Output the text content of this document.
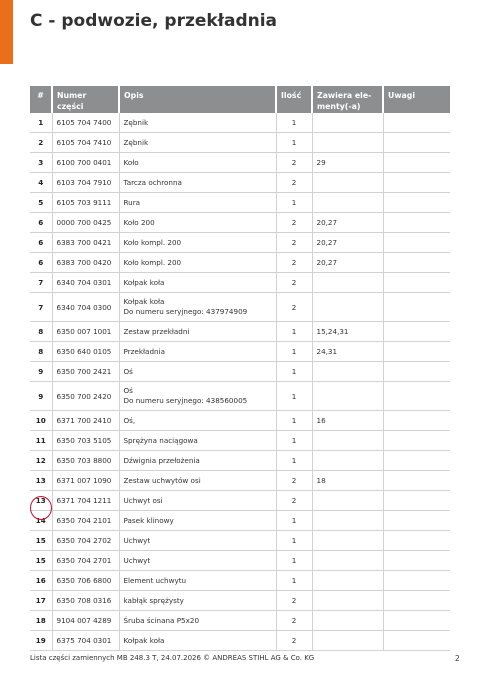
C - podwozie, przekładnia
#	Numer części	Opis	Ilość	Zawiera ele- menty(-a)	Uwagi
1	6105 704 7400	Zębnik	1		
2	6105 704 7410	Zębnik	1		
3	6100 700 0401	Koło	2	29	
4	6103 704 7910	Tarcza ochronna	2		
5	6105 703 9111	Rura	1		
6	0000 700 0425	Koło 200	2	20,27	
6	6383 700 0421	Koło kompl. 200	2	20,27	
6	6383 700 0420	Koło kompl. 200	2	20,27	
7	6340 704 0301	Kołpak koła	2		
7	6340 704 0300	Kołpak koła
Do numeru seryjnego: 437974909	2		
8	6350 007 1001	Zestaw przekładni	1	15,24,31	
8	6350 640 0105	Przekładnia	1	24,31	
9	6350 700 2421	Oś	1		
9	6350 700 2420	Oś
Do numeru seryjnego: 438560005	1		
10	6371 700 2410	Oś,	1	16	
11	6350 703 5105	Sprężyna naciągowa	1		
12	6350 703 8800	Dźwignia przełożenia	1		
13	6371 007 1090	Zestaw uchwytów osi	2	18	
13	6371 704 1211	Uchwyt osi	2		
14	6350 704 2101	Pasek klinowy	1		
15	6350 704 2702	Uchwyt	1		
15	6350 704 2701	Uchwyt	1		
16	6350 706 6800	Element uchwytu	1		
17	6350 708 0316	kabłąk sprężysty	2		
18	9104 007 4289	Śruba ścinana P5x20	2		
19	6375 704 0301	Kołpak koła	2		
Lista części zamiennych MB 248.3 T, 24.07.2026 © ANDREAS STIHL AG & Co. KG	2
